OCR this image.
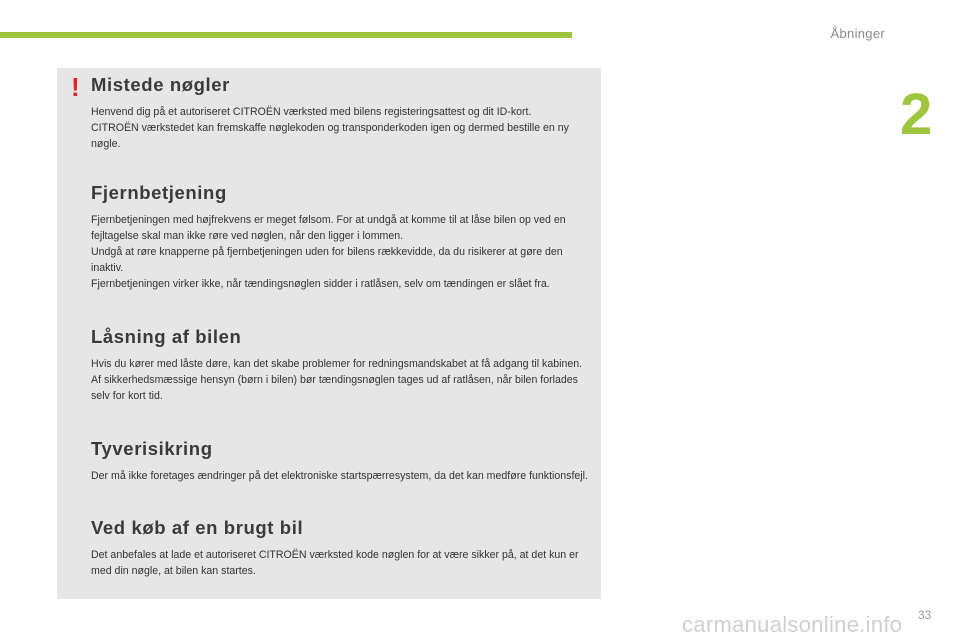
Åbninger
2
! Mistede nøgler

Henvend dig på et autoriseret CITROËN værksted med bilens registeringsattest og dit ID-kort.

CITROËN værkstedet kan fremskaffe nøglekoden og transponderkoden igen og dermed bestille en ny nøgle.

Fjernbetjening

Fjernbetjeningen med højfrekvens er meget følsom. For at undgå at komme til at låse bilen op ved en fejltagelse skal man ikke røre ved nøglen, når den ligger i lommen.

Undgå at røre knapperne på fjernbetjeningen uden for bilens rækkevidde, da du risikerer at gøre den inaktiv.

Fjernbetjeningen virker ikke, når tændingsnøglen sidder i ratlåsen, selv om tændingen er slået fra.

Låsning af bilen

Hvis du kører med låste døre, kan det skabe problemer for redningsmandskabet at få adgang til kabinen.

Af sikkerhedsmæssige hensyn (børn i bilen) bør tændingsnøglen tages ud af ratlåsen, når bilen forlades selv for kort tid.

Tyverisikring

Der må ikke foretages ændringer på det elektroniske startspærresystem, da det kan medføre funktionsfejl.

Ved køb af en brugt bil

Det anbefales at lade et autoriseret CITROËN værksted kode nøglen for at være sikker på, at det kun er med din nøgle, at bilen kan startes.

carmanualsonline.info 33
